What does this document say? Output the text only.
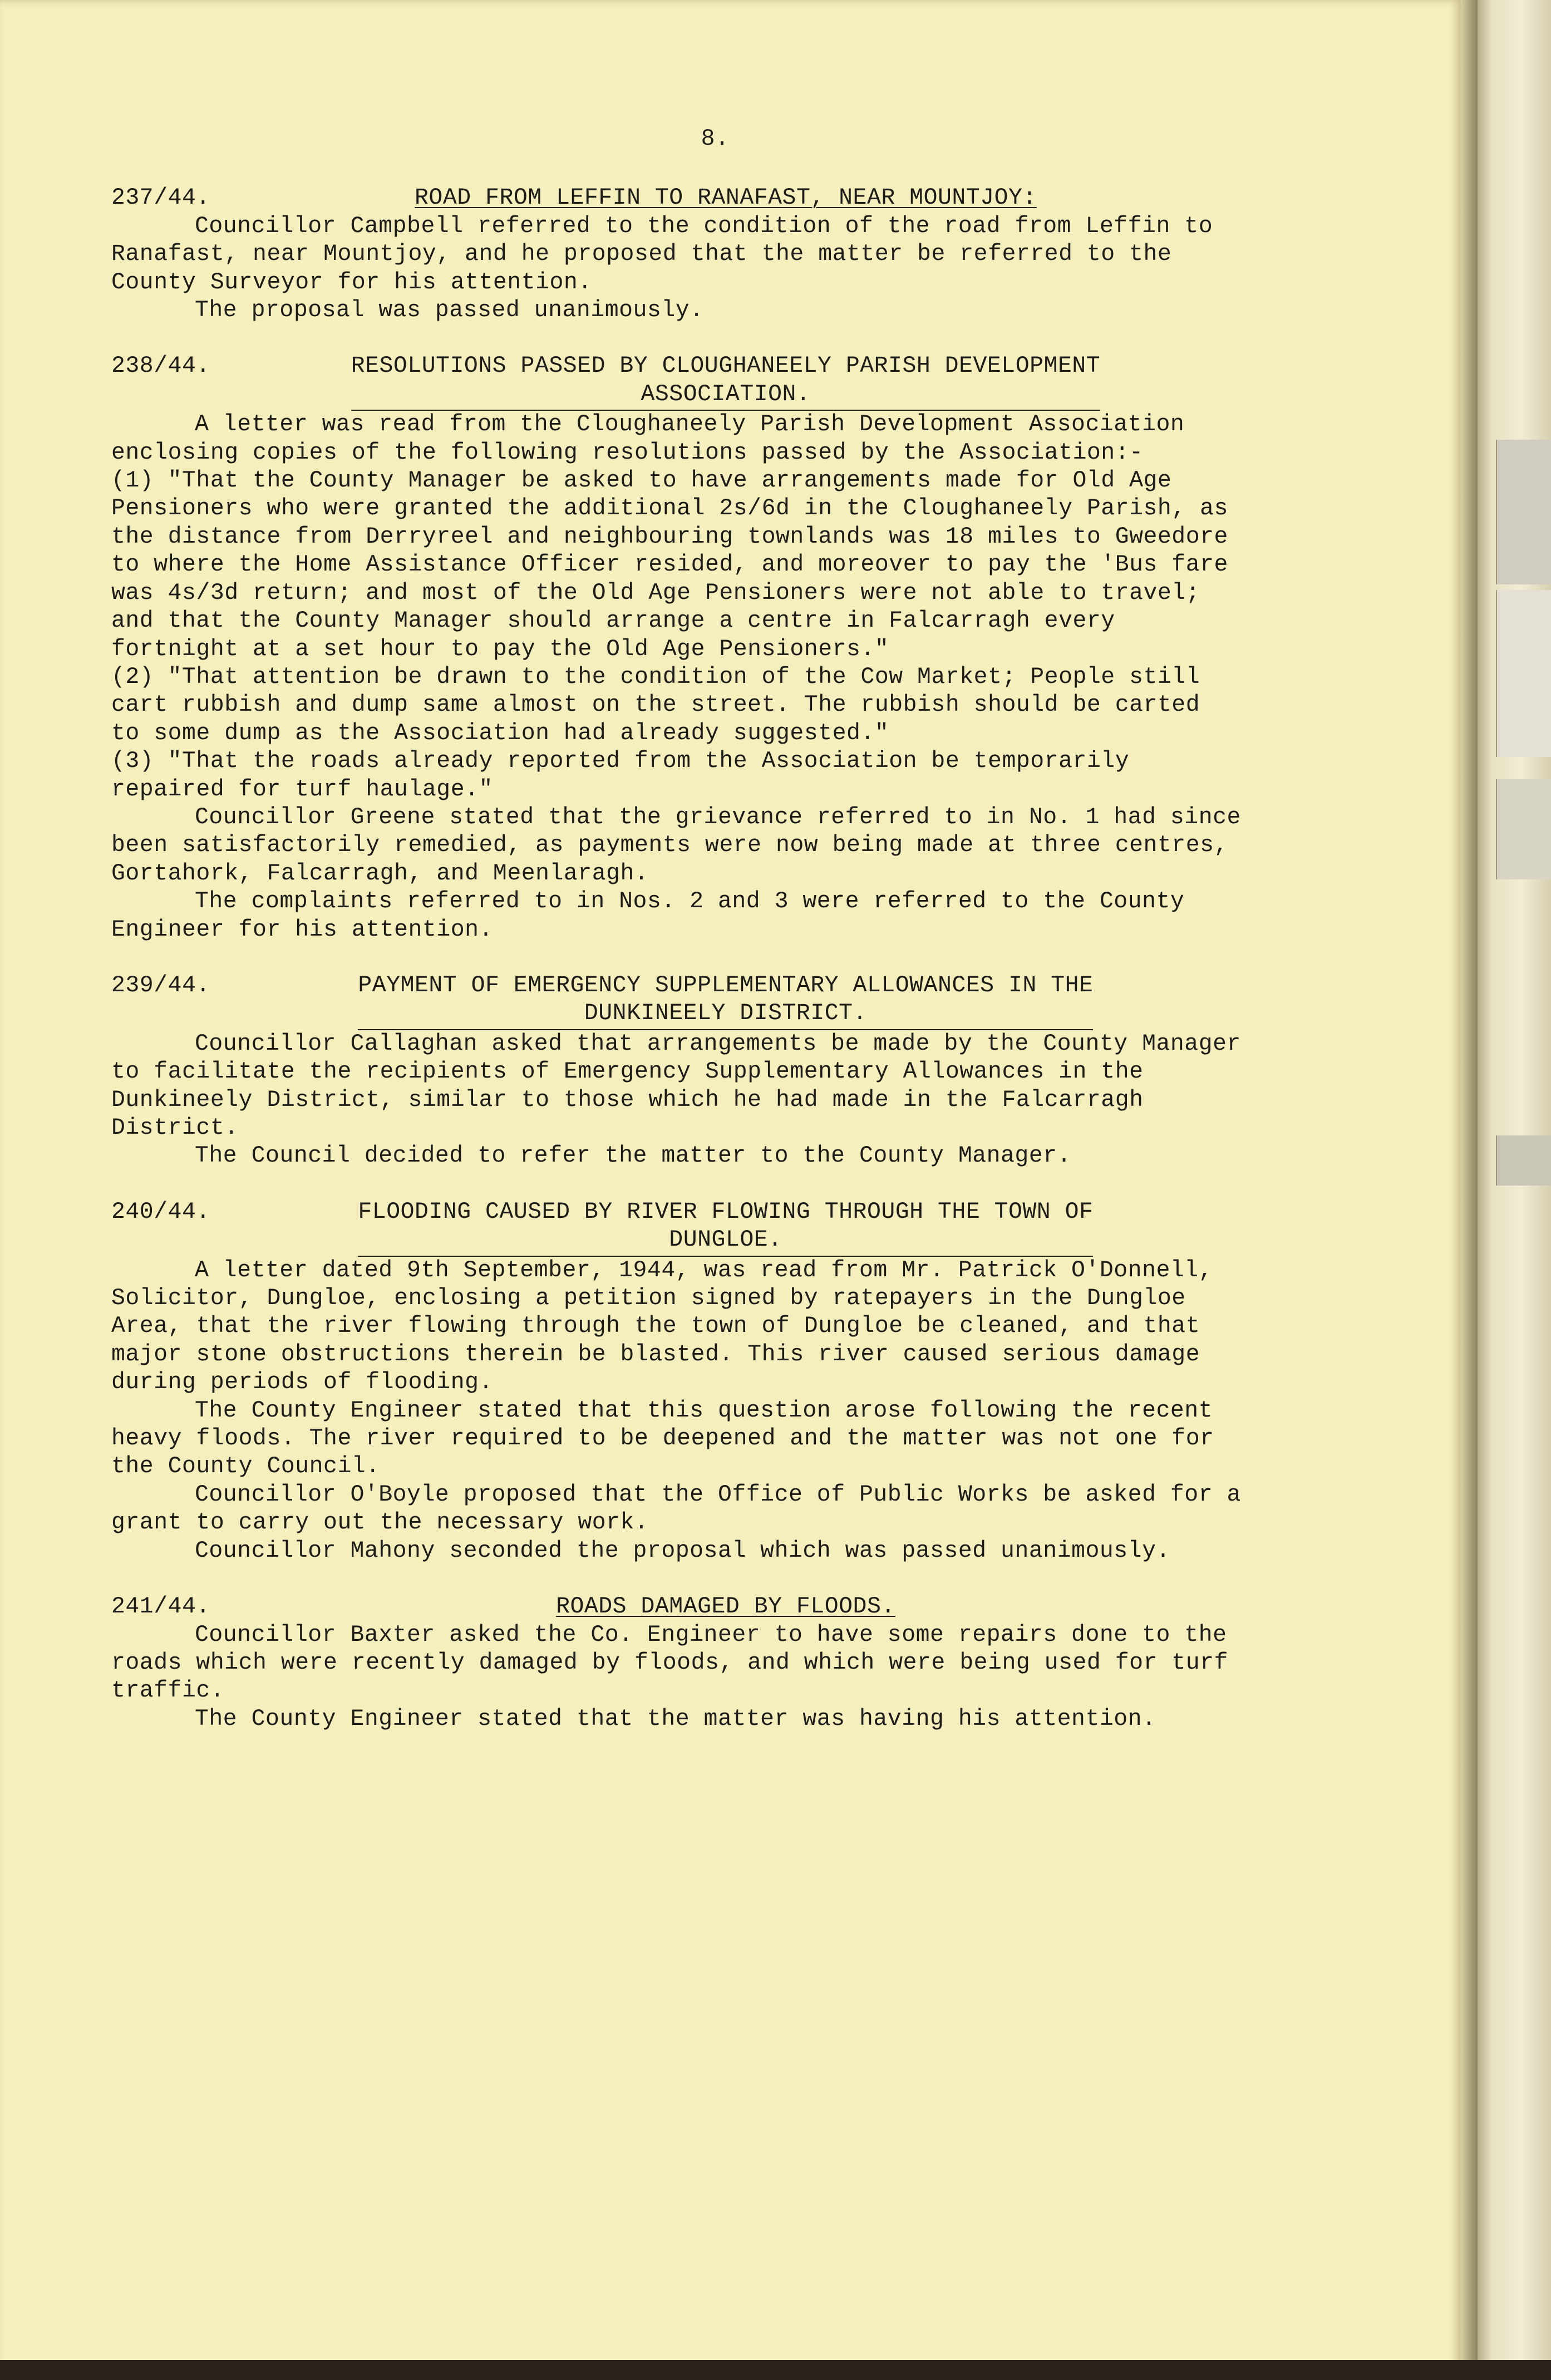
8.
237/44.	ROAD FROM LEFFIN TO RANAFAST, NEAR MOUNTJOY:

Councillor Campbell referred to the condition of the road from Leffin to Ranafast, near Mountjoy, and he proposed that the matter be referred to the County Surveyor for his attention.

The proposal was passed unanimously.

238/44.	RESOLUTIONS PASSED BY CLOUGHANEELY PARISH DEVELOPMENT
ASSOCIATION.

A letter was read from the Cloughaneely Parish Development Association enclosing copies of the following resolutions passed by the Association:-

(1) "That the County Manager be asked to have arrangements made for Old Age Pensioners who were granted the additional 2s/6d in the Cloughaneely Parish, as the distance from Derryreel and neighbouring townlands was 18 miles to Gweedore to where the Home Assistance Officer resided, and moreover to pay the 'Bus fare was 4s/3d return; and most of the Old Age Pensioners were not able to travel; and that the County Manager should arrange a centre in Falcarragh every fortnight at a set hour to pay the Old Age Pensioners."

(2) "That attention be drawn to the condition of the Cow Market; People still cart rubbish and dump same almost on the street. The rubbish should be carted to some dump as the Association had already suggested."

(3) "That the roads already reported from the Association be temporarily repaired for turf haulage."

Councillor Greene stated that the grievance referred to in No. 1 had since been satisfactorily remedied, as payments were now being made at three centres, Gortahork, Falcarragh, and Meenlaragh.

The complaints referred to in Nos. 2 and 3 were referred to the County Engineer for his attention.

239/44.	PAYMENT OF EMERGENCY SUPPLEMENTARY ALLOWANCES IN THE
DUNKINEELY DISTRICT.

Councillor Callaghan asked that arrangements be made by the County Manager to facilitate the recipients of Emergency Supplementary Allowances in the Dunkineely District, similar to those which he had made in the Falcarragh District.

The Council decided to refer the matter to the County Manager.

240/44.	FLOODING CAUSED BY RIVER FLOWING THROUGH THE TOWN OF
DUNGLOE.

A letter dated 9th September, 1944, was read from Mr. Patrick O'Donnell, Solicitor, Dungloe, enclosing a petition signed by ratepayers in the Dungloe Area, that the river flowing through the town of Dungloe be cleaned, and that major stone obstructions therein be blasted. This river caused serious damage during periods of flooding.

The County Engineer stated that this question arose following the recent heavy floods. The river required to be deepened and the matter was not one for the County Council.

Councillor O'Boyle proposed that the Office of Public Works be asked for a grant to carry out the necessary work.

Councillor Mahony seconded the proposal which was passed unanimously.

241/44.	ROADS DAMAGED BY FLOODS.

Councillor Baxter asked the Co. Engineer to have some repairs done to the roads which were recently damaged by floods, and which were being used for turf traffic.

The County Engineer stated that the matter was having his attention.
